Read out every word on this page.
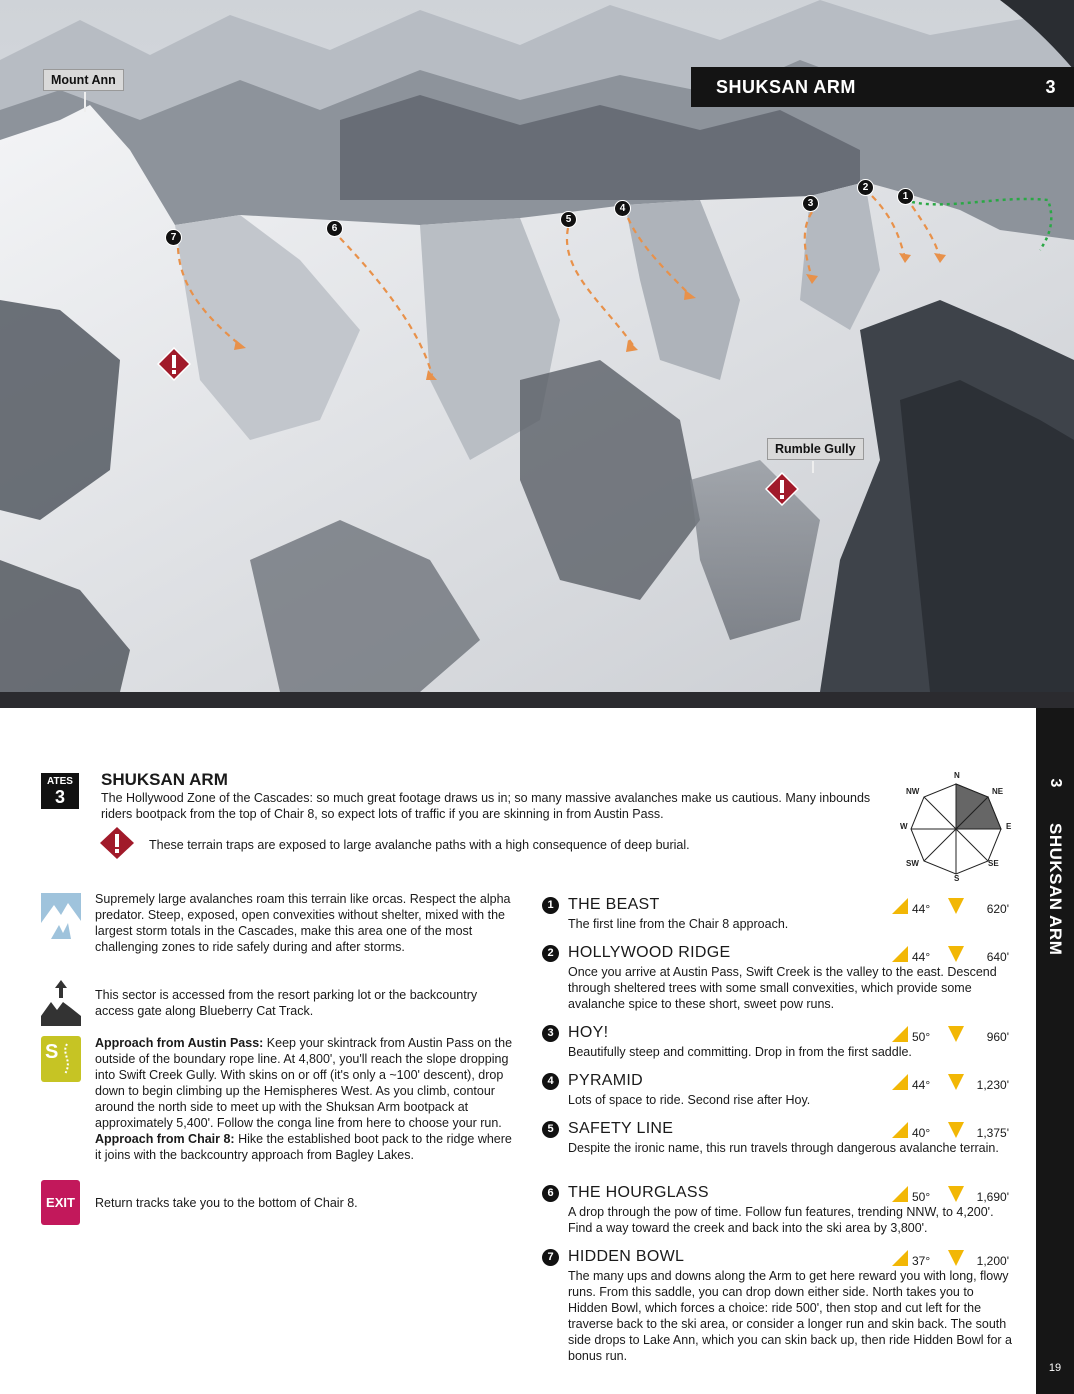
Mount Ann
Rumble Gully
1
2
3
4
5
6
7
SHUKSAN ARM	3
3
SHUKSAN ARM
19
ATES
3
SHUKSAN ARM

The Hollywood Zone of the Cascades: so much great footage draws us in; so many massive avalanches make us cautious. Many inbounds riders bootpack from the top of Chair 8, so expect lots of traffic if you are skinning in from Austin Pass.

These terrain traps are exposed to large avalanche paths with a high consequence of deep burial.

N
NE
E
SE
S
SW
W
NW

Supremely large avalanches roam this terrain like orcas. Respect the alpha predator. Steep, exposed, open convexities without shelter, mixed with the largest storm totals in the Cascades, make this area one of the most challenging zones to ride safely during and after storms.

This sector is accessed from the resort parking lot or the backcountry access gate along Blueberry Cat Track.

S	Approach from Austin Pass: Keep your skintrack from Austin Pass on the outside of the boundary rope line. At 4,800', you'll reach the slope dropping into Swift Creek Gully. With skins on or off (it's only a ~100' descent), drop down to begin climbing up the Hemispheres West. As you climb, contour around the north side to meet up with the Shuksan Arm bootpack at approximately 5,400'. Follow the conga line from here to choose your run.
Approach from Chair 8: Hike the established boot pack to the ridge where it joins with the backcountry approach from Bagley Lakes.

EXIT	Return tracks take you to the bottom of Chair 8.

1 THE BEAST	44°	620'

The first line from the Chair 8 approach.

2 HOLLYWOOD RIDGE	44°	640'

Once you arrive at Austin Pass, Swift Creek is the valley to the east. Descend through sheltered trees with some small convexities, which provide some avalanche spice to these short, sweet pow runs.

3 HOY!	50°	960'

Beautifully steep and committing. Drop in from the first saddle.

4 PYRAMID	44°	1,230'

Lots of space to ride. Second rise after Hoy.

5 SAFETY LINE	40°	1,375'

Despite the ironic name, this run travels through dangerous avalanche terrain.

6 THE HOURGLASS	50°	1,690'

A drop through the pow of time. Follow fun features, trending NNW, to 4,200'. Find a way toward the creek and back into the ski area by 3,800'.

7 HIDDEN BOWL	37°	1,200'

The many ups and downs along the Arm to get here reward you with long, flowy runs. From this saddle, you can drop down either side. North takes you to Hidden Bowl, which forces a choice: ride 500', then stop and cut left for the traverse back to the ski area, or consider a longer run and skin back. The south side drops to Lake Ann, which you can skin back up, then ride Hidden Bowl for a bonus run.
